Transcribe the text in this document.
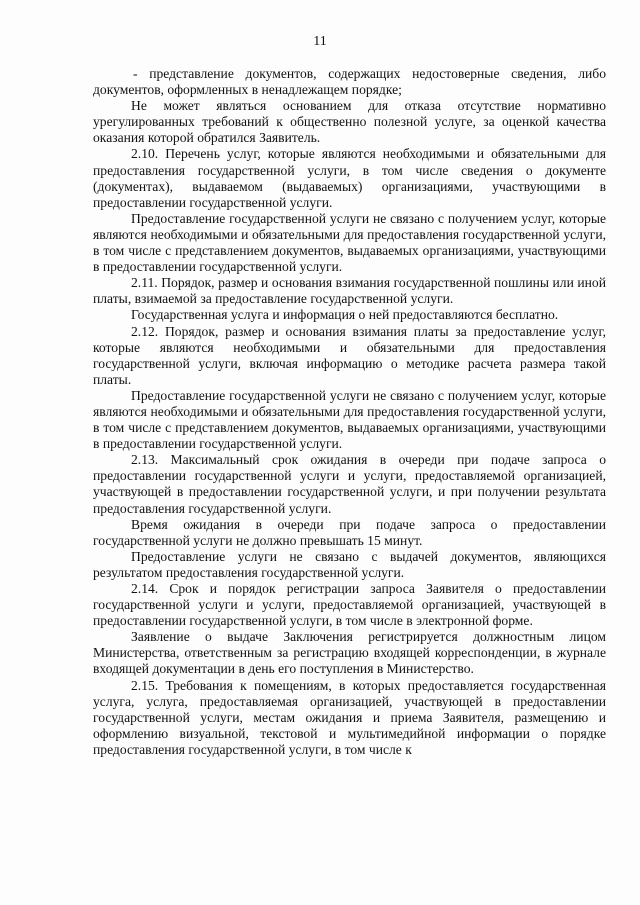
11

- представление документов, содержащих недостоверные сведения, либо документов, оформленных в ненадлежащем порядке;

Не может являться основанием для отказа отсутствие нормативно урегулированных требований к общественно полезной услуге, за оценкой качества оказания которой обратился Заявитель.

2.10. Перечень услуг, которые являются необходимыми и обязательными для предоставления государственной услуги, в том числе сведения о документе (документах), выдаваемом (выдаваемых) организациями, участвующими в предоставлении государственной услуги.

Предоставление государственной услуги не связано с получением услуг, которые являются необходимыми и обязательными для предоставления государственной услуги, в том числе с представлением документов, выдаваемых организациями, участвующими в предоставлении государственной услуги.

2.11. Порядок, размер и основания взимания государственной пошлины или иной платы, взимаемой за предоставление государственной услуги.

Государственная услуга и информация о ней предоставляются бесплатно.

2.12. Порядок, размер и основания взимания платы за предоставление услуг, которые являются необходимыми и обязательными для предоставления государственной услуги, включая информацию о методике расчета размера такой платы.

Предоставление государственной услуги не связано с получением услуг, которые являются необходимыми и обязательными для предоставления государственной услуги, в том числе с представлением документов, выдаваемых организациями, участвующими в предоставлении государственной услуги.

2.13. Максимальный срок ожидания в очереди при подаче запроса о предоставлении государственной услуги и услуги, предоставляемой организацией, участвующей в предоставлении государственной услуги, и при получении результата предоставления государственной услуги.

Время ожидания в очереди при подаче запроса о предоставлении государственной услуги не должно превышать 15 минут.

Предоставление услуги не связано с выдачей документов, являющихся результатом предоставления государственной услуги.

2.14. Срок и порядок регистрации запроса Заявителя о предоставлении государственной услуги и услуги, предоставляемой организацией, участвующей в предоставлении государственной услуги, в том числе в электронной форме.

Заявление о выдаче Заключения регистрируется должностным лицом Министерства, ответственным за регистрацию входящей корреспонденции, в журнале входящей документации в день его поступления в Министерство.

2.15. Требования к помещениям, в которых предоставляется государственная услуга, услуга, предоставляемая организацией, участвующей в предоставлении государственной услуги, местам ожидания и приема Заявителя, размещению и оформлению визуальной, текстовой и мультимедийной информации о порядке предоставления государственной услуги, в том числе к
